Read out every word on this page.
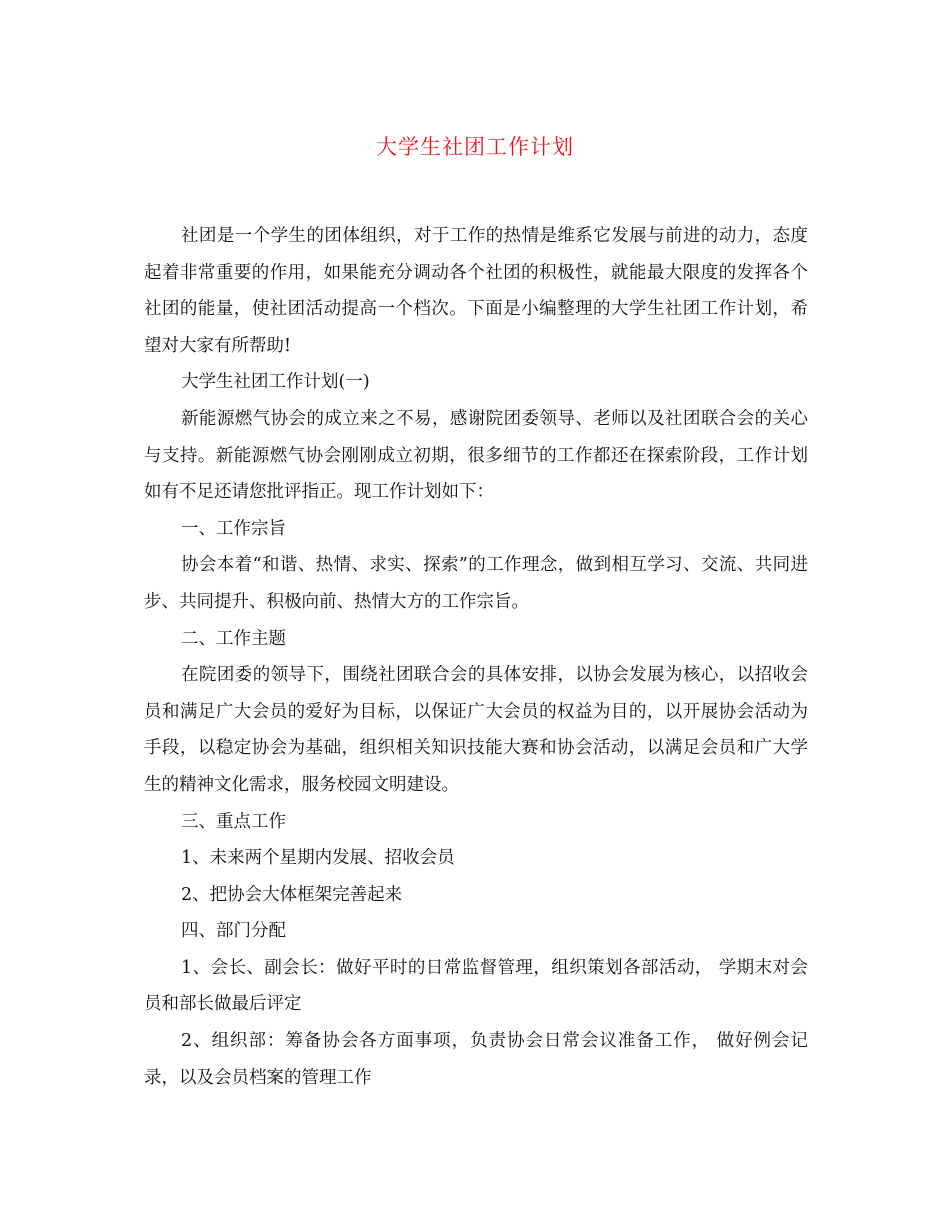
大学生社团工作计划

社团是一个学生的团体组织，对于工作的热情是维系它发展与前进的动力，态度起着非常重要的作用，如果能充分调动各个社团的积极性，就能最大限度的发挥各个社团的能量，使社团活动提高一个档次。下面是小编整理的大学生社团工作计划，希望对大家有所帮助!

大学生社团工作计划(一)

新能源燃气协会的成立来之不易，感谢院团委领导、老师以及社团联合会的关心与支持。新能源燃气协会刚刚成立初期，很多细节的工作都还在探索阶段，工作计划如有不足还请您批评指正。现工作计划如下：

一、工作宗旨

协会本着“和谐、热情、求实、探索”的工作理念，做到相互学习、交流、共同进步、共同提升、积极向前、热情大方的工作宗旨。

二、工作主题

在院团委的领导下，围绕社团联合会的具体安排，以协会发展为核心，以招收会员和满足广大会员的爱好为目标，以保证广大会员的权益为目的，以开展协会活动为手段，以稳定协会为基础，组织相关知识技能大赛和协会活动，以满足会员和广大学生的精神文化需求，服务校园文明建设。

三、重点工作

1、未来两个星期内发展、招收会员

2、把协会大体框架完善起来

四、部门分配

1、会长、副会长：做好平时的日常监督管理，组织策划各部活动， 学期末对会员和部长做最后评定

2、组织部：筹备协会各方面事项，负责协会日常会议准备工作， 做好例会记录，以及会员档案的管理工作
